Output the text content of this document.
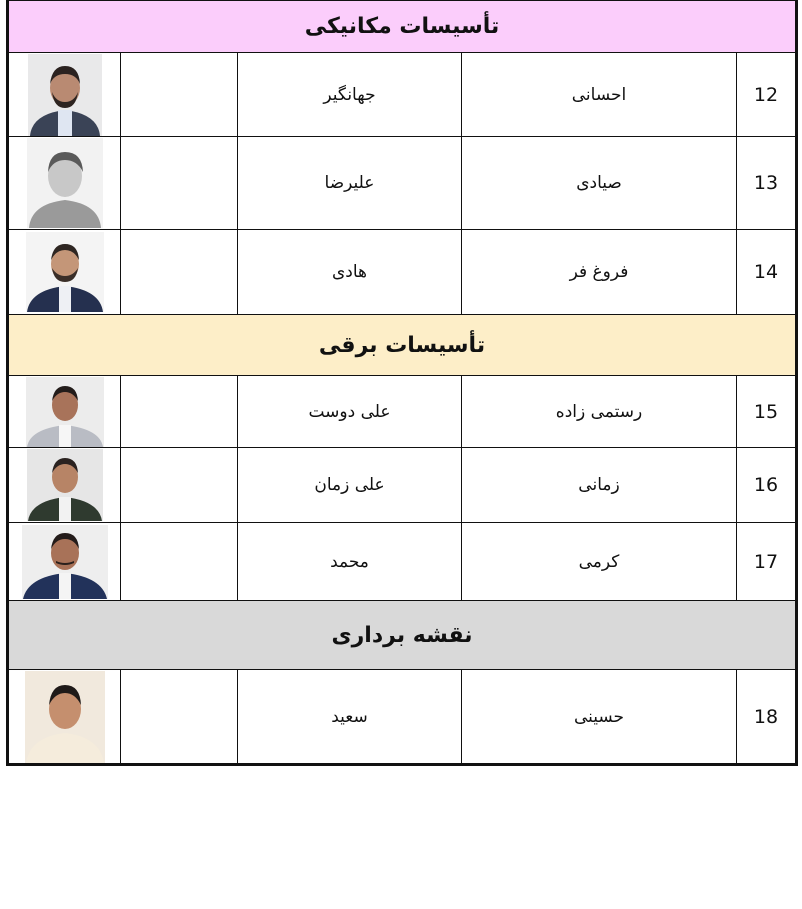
تأسیسات مکانیکی				

		جهانگیر	احسانی	12

		علیرضا	صیادی	13

		هادی	فروغ فر	14
تأسیسات برقی				

		علی دوست	رستمی زاده	15

		علی زمان	زمانی	16

		محمد	کرمی	17
نقشه برداری				

		سعید	حسینی	18
